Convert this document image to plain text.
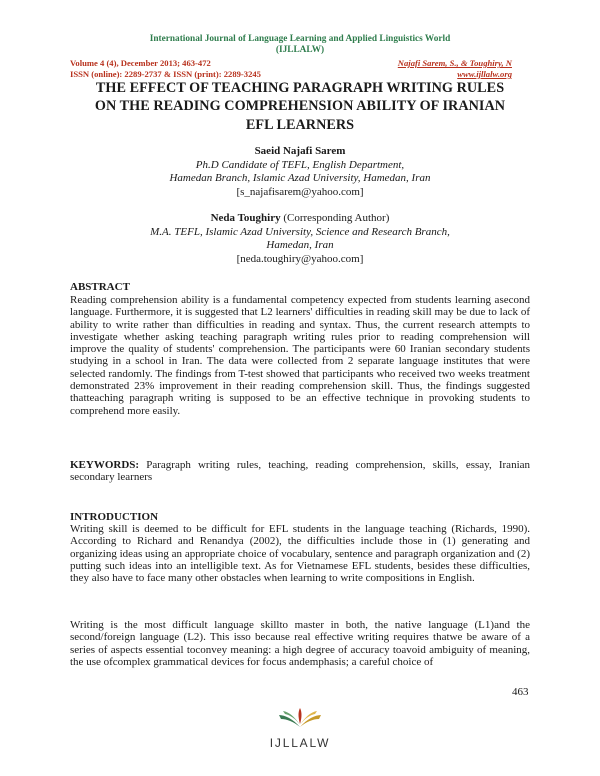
International Journal of Language Learning and Applied Linguistics World
(IJLLALW)
Volume 4 (4), December 2013; 463-472	Najafi Sarem, S., & Toughiry, N
ISSN (online): 2289-2737 & ISSN (print): 2289-3245	www.ijllalw.org
THE EFFECT OF TEACHING PARAGRAPH WRITING RULES
ON THE READING COMPREHENSION ABILITY OF IRANIAN
EFL LEARNERS
Saeid Najafi Sarem
Ph.D Candidate of TEFL, English Department,
Hamedan Branch, Islamic Azad University, Hamedan, Iran
[s_najafisarem@yahoo.com]
Neda Toughiry (Corresponding Author)
M.A. TEFL, Islamic Azad University, Science and Research Branch,
Hamedan, Iran
[neda.toughiry@yahoo.com]
ABSTRACT
Reading comprehension ability is a fundamental competency expected from students learning asecond language. Furthermore, it is suggested that L2 learners' difficulties in reading skill may be due to lack of ability to write rather than difficulties in reading and syntax. Thus, the current research attempts to investigate whether asking teaching paragraph writing rules prior to reading comprehension will improve the quality of students' comprehension. The participants were 60 Iranian secondary students studying in a school in Iran. The data were collected from 2 separate language institutes that were selected randomly. The findings from T-test showed that participants who received two weeks treatment demonstrated 23% improvement in their reading comprehension skill. Thus, the findings suggested thatteaching paragraph writing is supposed to be an effective technique in provoking students to comprehend more easily.
KEYWORDS: Paragraph writing rules, teaching, reading comprehension, skills, essay, Iranian secondary learners
INTRODUCTION
Writing skill is deemed to be difficult for EFL students in the language teaching (Richards, 1990). According to Richard and Renandya (2002), the difficulties include those in (1) generating and organizing ideas using an appropriate choice of vocabulary, sentence and paragraph organization and (2) putting such ideas into an intelligible text. As for Vietnamese EFL students, besides these difficulties, they also have to face many other obstacles when learning to write compositions in English.
Writing is the most difficult language skillto master in both, the native language (L1)and the second/foreign language (L2). This isso because real effective writing requires thatwe be aware of a series of aspects essential toconvey meaning: a high degree of accuracy toavoid ambiguity of meaning, the use ofcomplex grammatical devices for focus andemphasis; a careful choice of
463
IJLLALW
